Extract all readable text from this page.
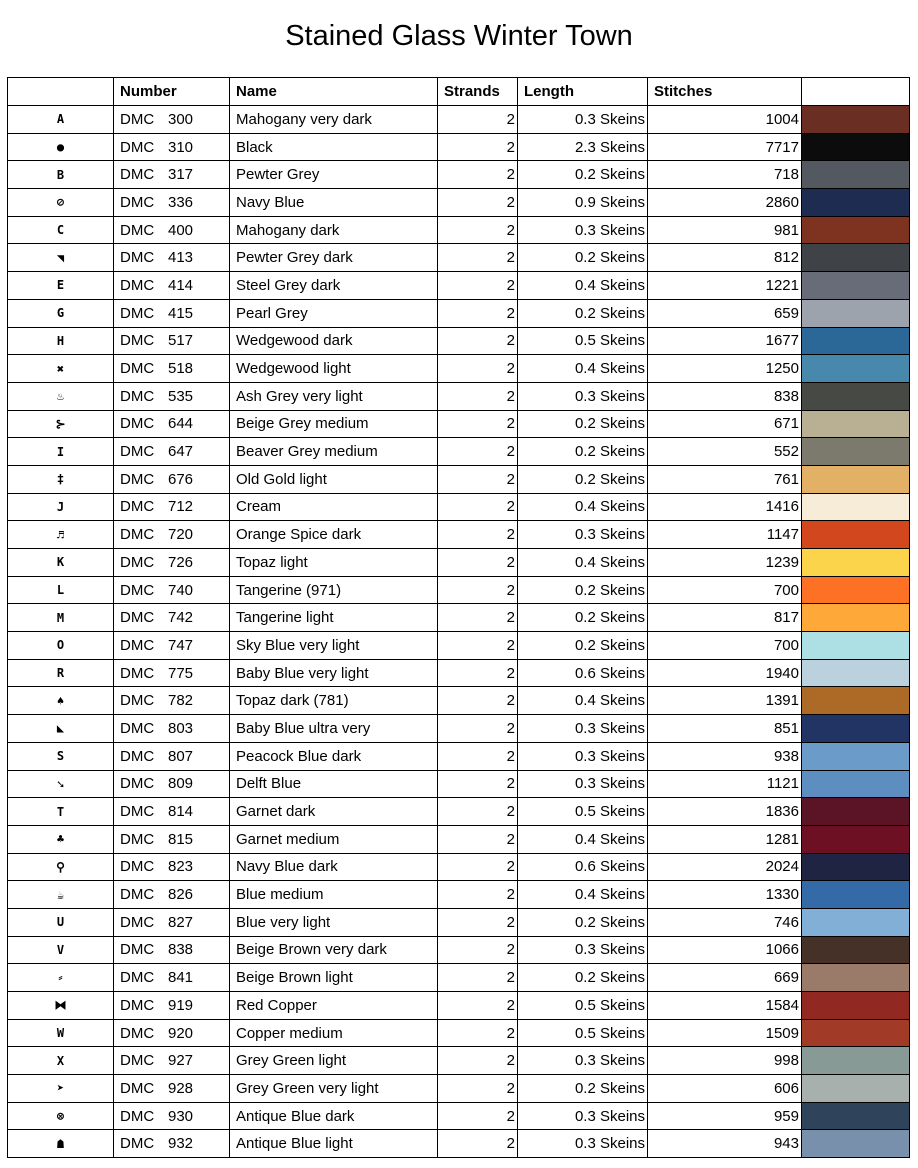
Stained Glass Winter Town
	Number	Name	Strands	Length	Stitches	
A	DMC 300	Mahogany very dark	2	0.3 Skeins	1004	

●	DMC 310	Black	2	2.3 Skeins	7717	

B	DMC 317	Pewter Grey	2	0.2 Skeins	718	

⊘	DMC 336	Navy Blue	2	0.9 Skeins	2860	

C	DMC 400	Mahogany dark	2	0.3 Skeins	981	

◥	DMC 413	Pewter Grey dark	2	0.2 Skeins	812	

E	DMC 414	Steel Grey dark	2	0.4 Skeins	1221	

G	DMC 415	Pearl Grey	2	0.2 Skeins	659	

H	DMC 517	Wedgewood dark	2	0.5 Skeins	1677	

✖	DMC 518	Wedgewood light	2	0.4 Skeins	1250	

♨	DMC 535	Ash Grey very light	2	0.3 Skeins	838	

⊱	DMC 644	Beige Grey medium	2	0.2 Skeins	671	

I	DMC 647	Beaver Grey medium	2	0.2 Skeins	552	

‡	DMC 676	Old Gold light	2	0.2 Skeins	761	

J	DMC 712	Cream	2	0.4 Skeins	1416	

♬	DMC 720	Orange Spice dark	2	0.3 Skeins	1147	

K	DMC 726	Topaz light	2	0.4 Skeins	1239	

L	DMC 740	Tangerine (971)	2	0.2 Skeins	700	

M	DMC 742	Tangerine light	2	0.2 Skeins	817	

O	DMC 747	Sky Blue very light	2	0.2 Skeins	700	

R	DMC 775	Baby Blue very light	2	0.6 Skeins	1940	

♠	DMC 782	Topaz dark (781)	2	0.4 Skeins	1391	

◣	DMC 803	Baby Blue ultra very	2	0.3 Skeins	851	

S	DMC 807	Peacock Blue dark	2	0.3 Skeins	938	

➘	DMC 809	Delft Blue	2	0.3 Skeins	1121	

T	DMC 814	Garnet dark	2	0.5 Skeins	1836	

♣	DMC 815	Garnet medium	2	0.4 Skeins	1281	

⚲	DMC 823	Navy Blue dark	2	0.6 Skeins	2024	

☕	DMC 826	Blue medium	2	0.4 Skeins	1330	

U	DMC 827	Blue very light	2	0.2 Skeins	746	

V	DMC 838	Beige Brown very dark	2	0.3 Skeins	1066	

⸗	DMC 841	Beige Brown light	2	0.2 Skeins	669	

⧓	DMC 919	Red Copper	2	0.5 Skeins	1584	

W	DMC 920	Copper medium	2	0.5 Skeins	1509	

X	DMC 927	Grey Green light	2	0.3 Skeins	998	

➤	DMC 928	Grey Green very light	2	0.2 Skeins	606	

⊗	DMC 930	Antique Blue dark	2	0.3 Skeins	959	

☗	DMC 932	Antique Blue light	2	0.3 Skeins	943	
